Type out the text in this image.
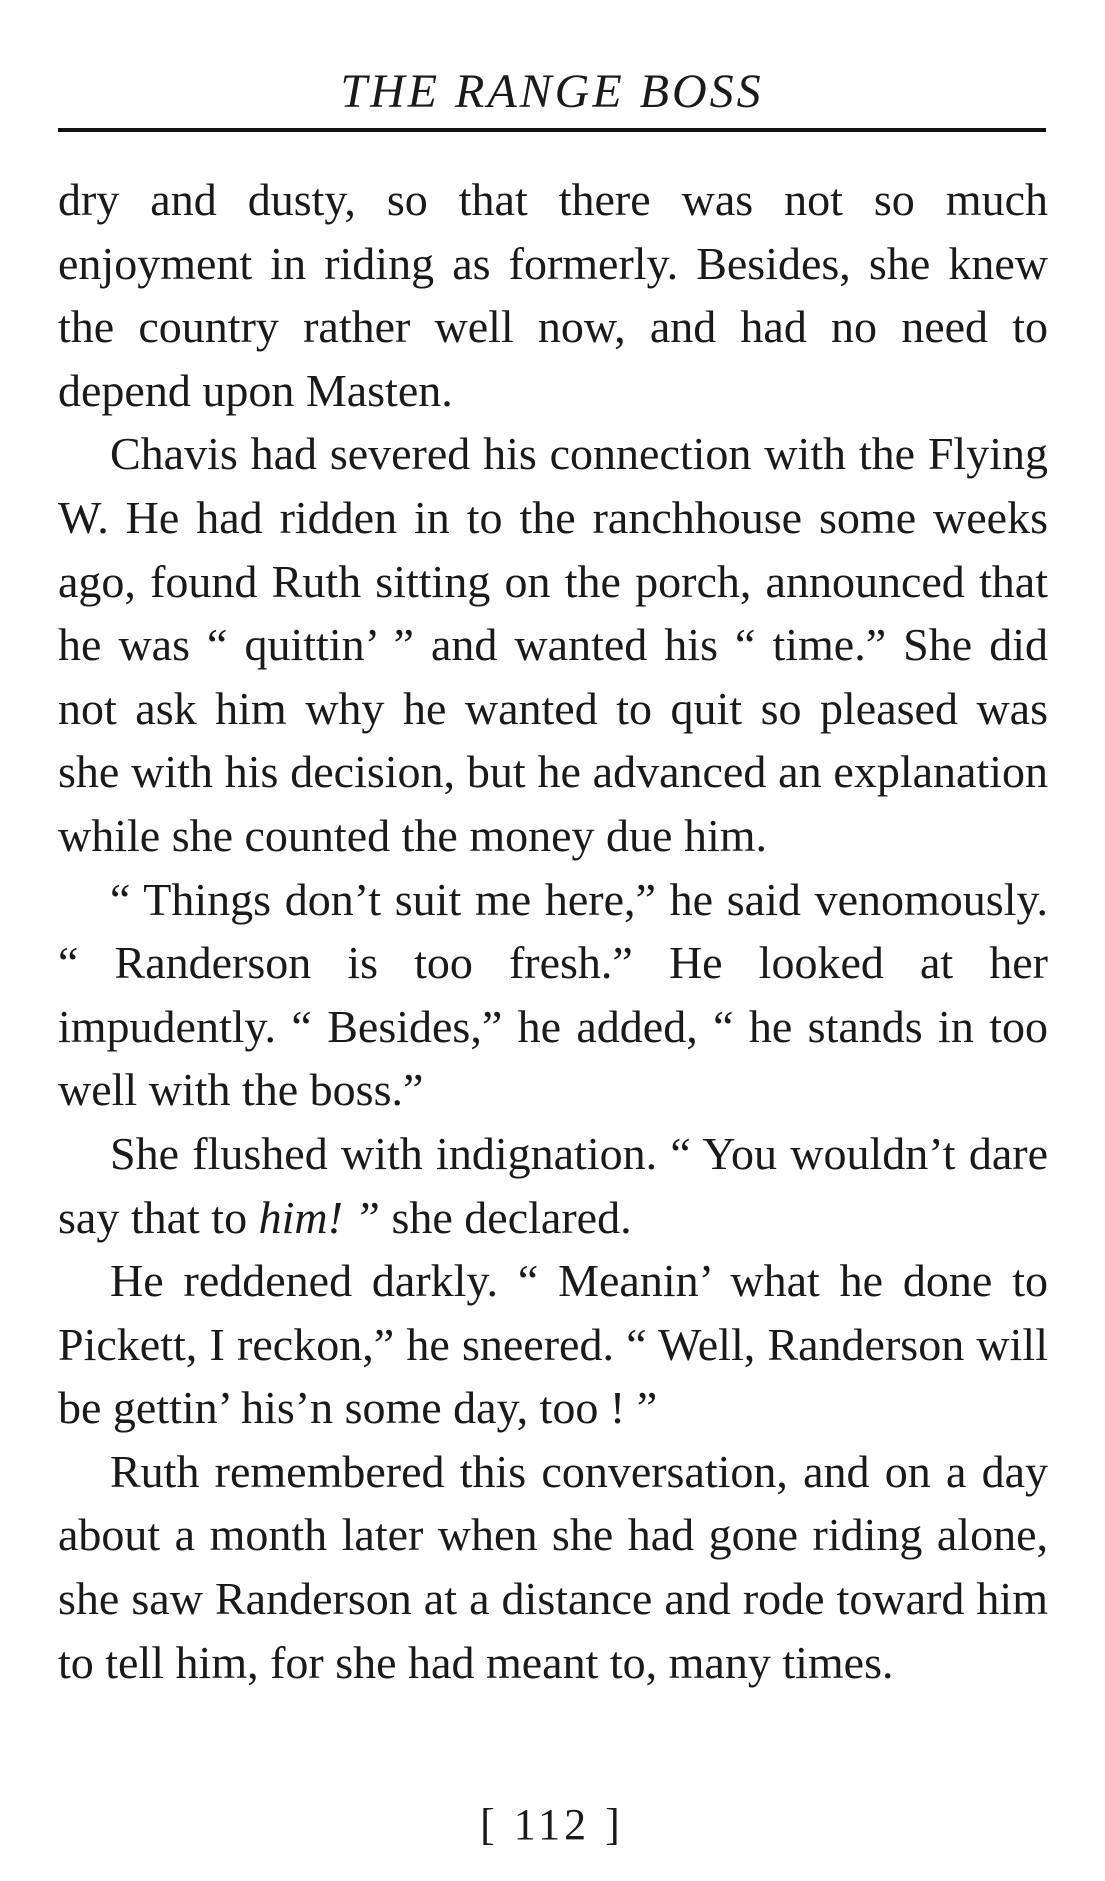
THE RANGE BOSS

dry and dusty, so that there was not so much enjoyment in riding as formerly. Besides, she knew the country rather well now, and had no need to depend upon Masten.

Chavis had severed his connection with the Flying W. He had ridden in to the ranchhouse some weeks ago, found Ruth sitting on the porch, announced that he was “ quittin’ ” and wanted his “ time.” She did not ask him why he wanted to quit so pleased was she with his decision, but he advanced an explanation while she counted the money due him.

“ Things don’t suit me here,” he said venomously. “ Randerson is too fresh.” He looked at her impudently. “ Besides,” he added, “ he stands in too well with the boss.”

She flushed with indignation. “ You wouldn’t dare say that to him! ” she declared.

He reddened darkly. “ Meanin’ what he done to Pickett, I reckon,” he sneered. “ Well, Randerson will be gettin’ his’n some day, too ! ”

Ruth remembered this conversation, and on a day about a month later when she had gone riding alone, she saw Randerson at a distance and rode toward him to tell him, for she had meant to, many times.

[ 112 ]
